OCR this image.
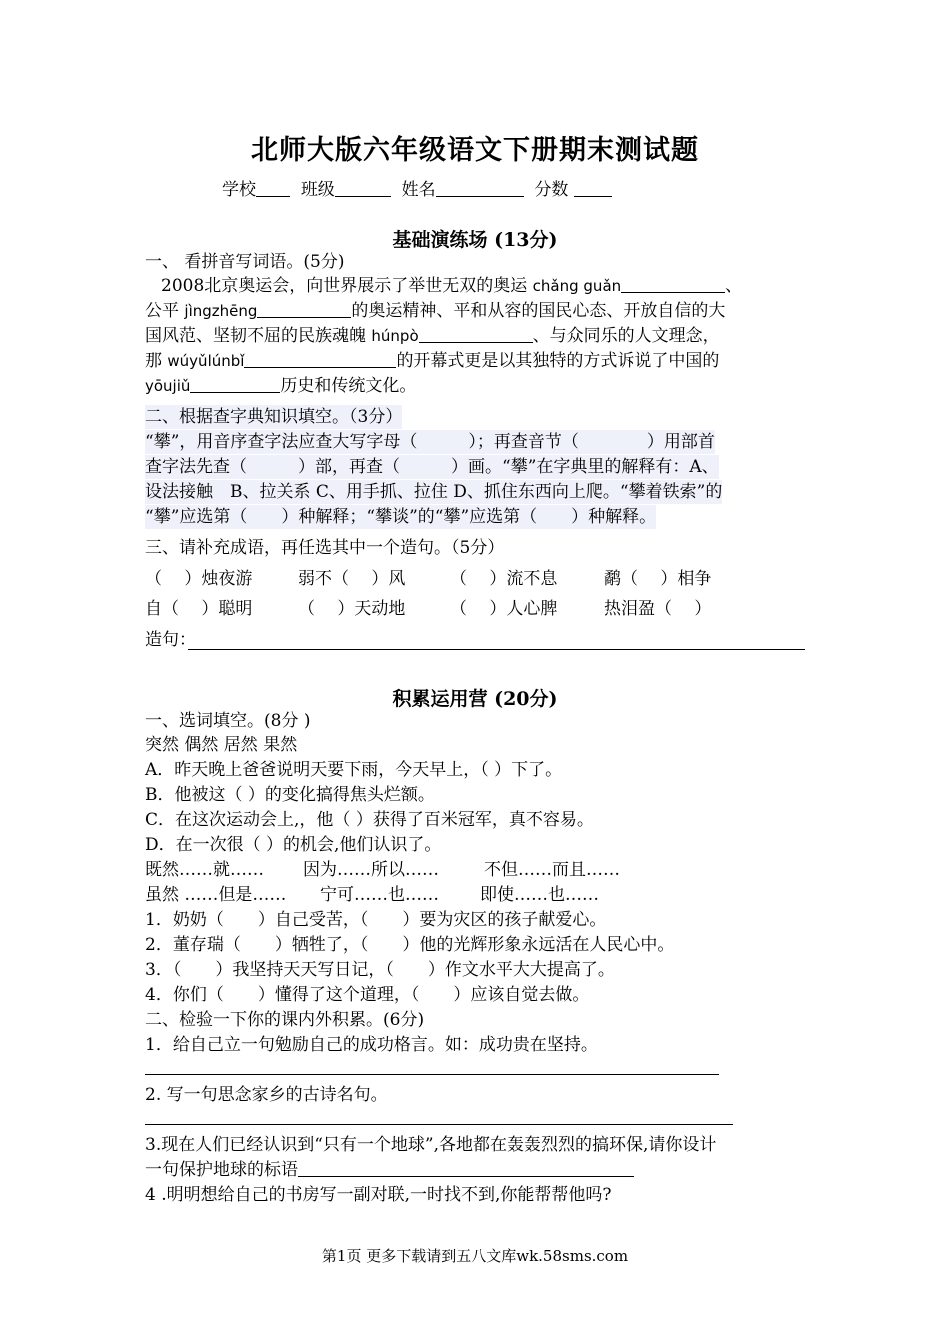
北师大版六年级语文下册期末测试题
学校	班级	姓名	分数
基础演练场 (13分)
一、 看拼音写词语。(5分)
2008北京奥运会，向世界展示了举世无双的奥运 chǎng guǎn	、
公平 jìngzhēng	的奥运精神、平和从容的国民心态、开放自信的大
国风范、坚韧不屈的民族魂魄 húnpò	、与众同乐的人文理念，
那 wúyǔlúnbǐ	的开幕式更是以其独特的方式诉说了中国的
yōujiǔ	历史和传统文化。
二、根据查字典知识填空。（3分）
“攀”，用音序查字法应查大写字母（　　　）；再查音节（　　　　）用部首
查字法先查（　　　）部，再查（　　　）画。“攀”在字典里的解释有：A、
设法接触　B、拉关系 C、用手抓、拉住 D、抓住东西向上爬。“攀着铁索”的
“攀”应选第（　　）种解释；“攀谈”的“攀”应选第（　　）种解释。
三、请补充成语，再任选其中一个造句。（5分）
（　 ）烛夜游	弱不（　 ）风	（　 ）流不息	鹬（　 ）相争
自（　 ）聪明	（　 ）天动地	（　 ）人心脾	热泪盈（　 ）
造句：
积累运用营 (20分)
一、选词填空。(8分 )
突然 偶然 居然 果然
A．昨天晚上爸爸说明天要下雨，今天早上，（ ）下了。
B．他被这（ ）的变化搞得焦头烂额。
C．在这次运动会上,，他（ ）获得了百米冠军，真不容易。
D．在一次很（ ）的机会,他们认识了。
既然……就…… 因为……所以……	不但……而且……
虽然 ……但是…… 宁可……也…… 即使……也……
1．奶奶（　　）自己受苦，（　　）要为灾区的孩子献爱心。
2．董存瑞（　　）牺牲了，（　　）他的光辉形象永远活在人民心中。
3．（　　）我坚持天天写日记，（　　）作文水平大大提高了。
4．你们（　　）懂得了这个道理，（　　）应该自觉去做。
二、检验一下你的课内外积累。(6分)
1．给自己立一句勉励自己的成功格言。如：成功贵在坚持。
2. 写一句思念家乡的古诗名句。
3.现在人们已经认识到“只有一个地球”,各地都在轰轰烈烈的搞环保,请你设计
一句保护地球的标语
4 .明明想给自己的书房写一副对联,一时找不到,你能帮帮他吗?
第1页 更多下载请到五八文库wk.58sms.com
